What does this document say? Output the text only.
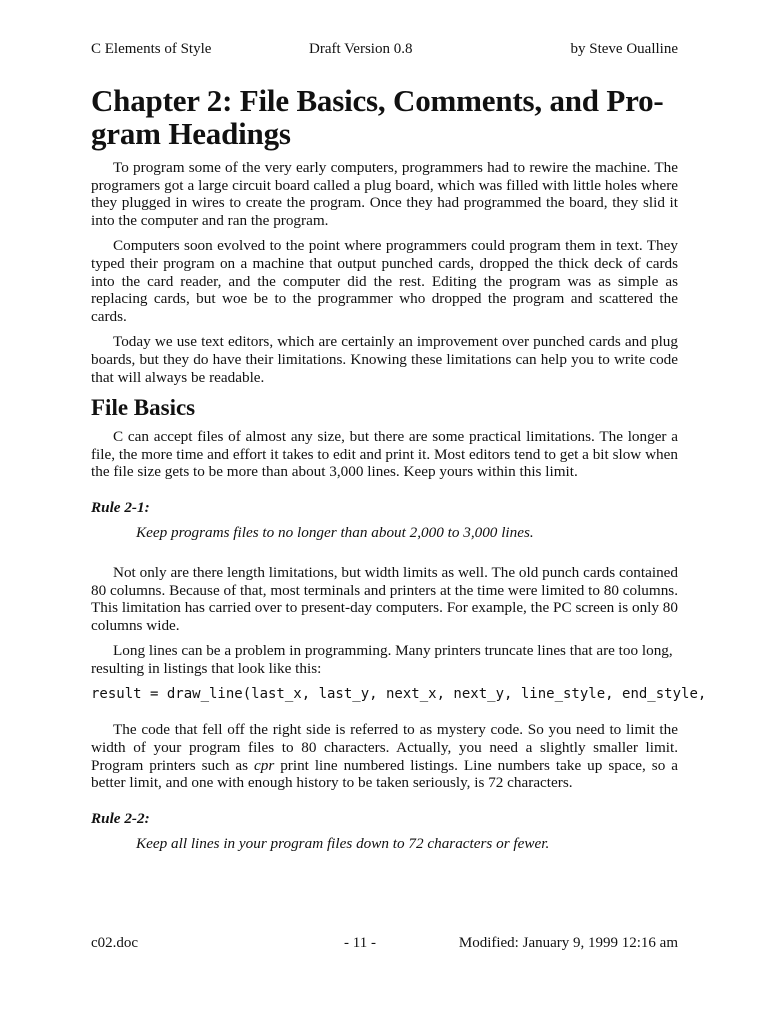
C Elements of Style	Draft Version 0.8	by Steve Oualline
Chapter 2: File Basics, Comments, and Pro-gram Headings

To program some of the very early computers, programmers had to rewire the machine. The programers got a large circuit board called a plug board, which was filled with little holes where they plugged in wires to create the program. Once they had programmed the board, they slid it into the computer and ran the program.

Computers soon evolved to the point where programmers could program them in text. They typed their program on a machine that output punched cards, dropped the thick deck of cards into the card reader, and the computer did the rest. Editing the program was as simple as replacing cards, but woe be to the programmer who dropped the program and scattered the cards.

Today we use text editors, which are certainly an improvement over punched cards and plug boards, but they do have their limitations. Knowing these limitations can help you to write code that will always be readable.

File Basics

C can accept files of almost any size, but there are some practical limitations. The longer a file, the more time and effort it takes to edit and print it. Most editors tend to get a bit slow when the file size gets to be more than about 3,000 lines. Keep yours within this limit.

Rule 2-1:
Keep programs files to no longer than about 2,000 to 3,000 lines.

Not only are there length limitations, but width limits as well. The old punch cards contained 80 columns. Because of that, most terminals and printers at the time were limited to 80 columns. This limitation has carried over to present-day computers. For example, the PC screen is only 80 columns wide.

Long lines can be a problem in programming. Many printers truncate lines that are too long, resulting in listings that look like this:

result = draw_line(last_x, last_y, next_x, next_y, line_style, end_style,

The code that fell off the right side is referred to as mystery code. So you need to limit the width of your program files to 80 characters. Actually, you need a slightly smaller limit. Program printers such as cpr print line numbered listings. Line numbers take up space, so a better limit, and one with enough history to be taken seriously, is 72 characters.

Rule 2-2:
Keep all lines in your program files down to 72 characters or fewer.
c02.doc	- 11 -	Modified: January 9, 1999 12:16 am
